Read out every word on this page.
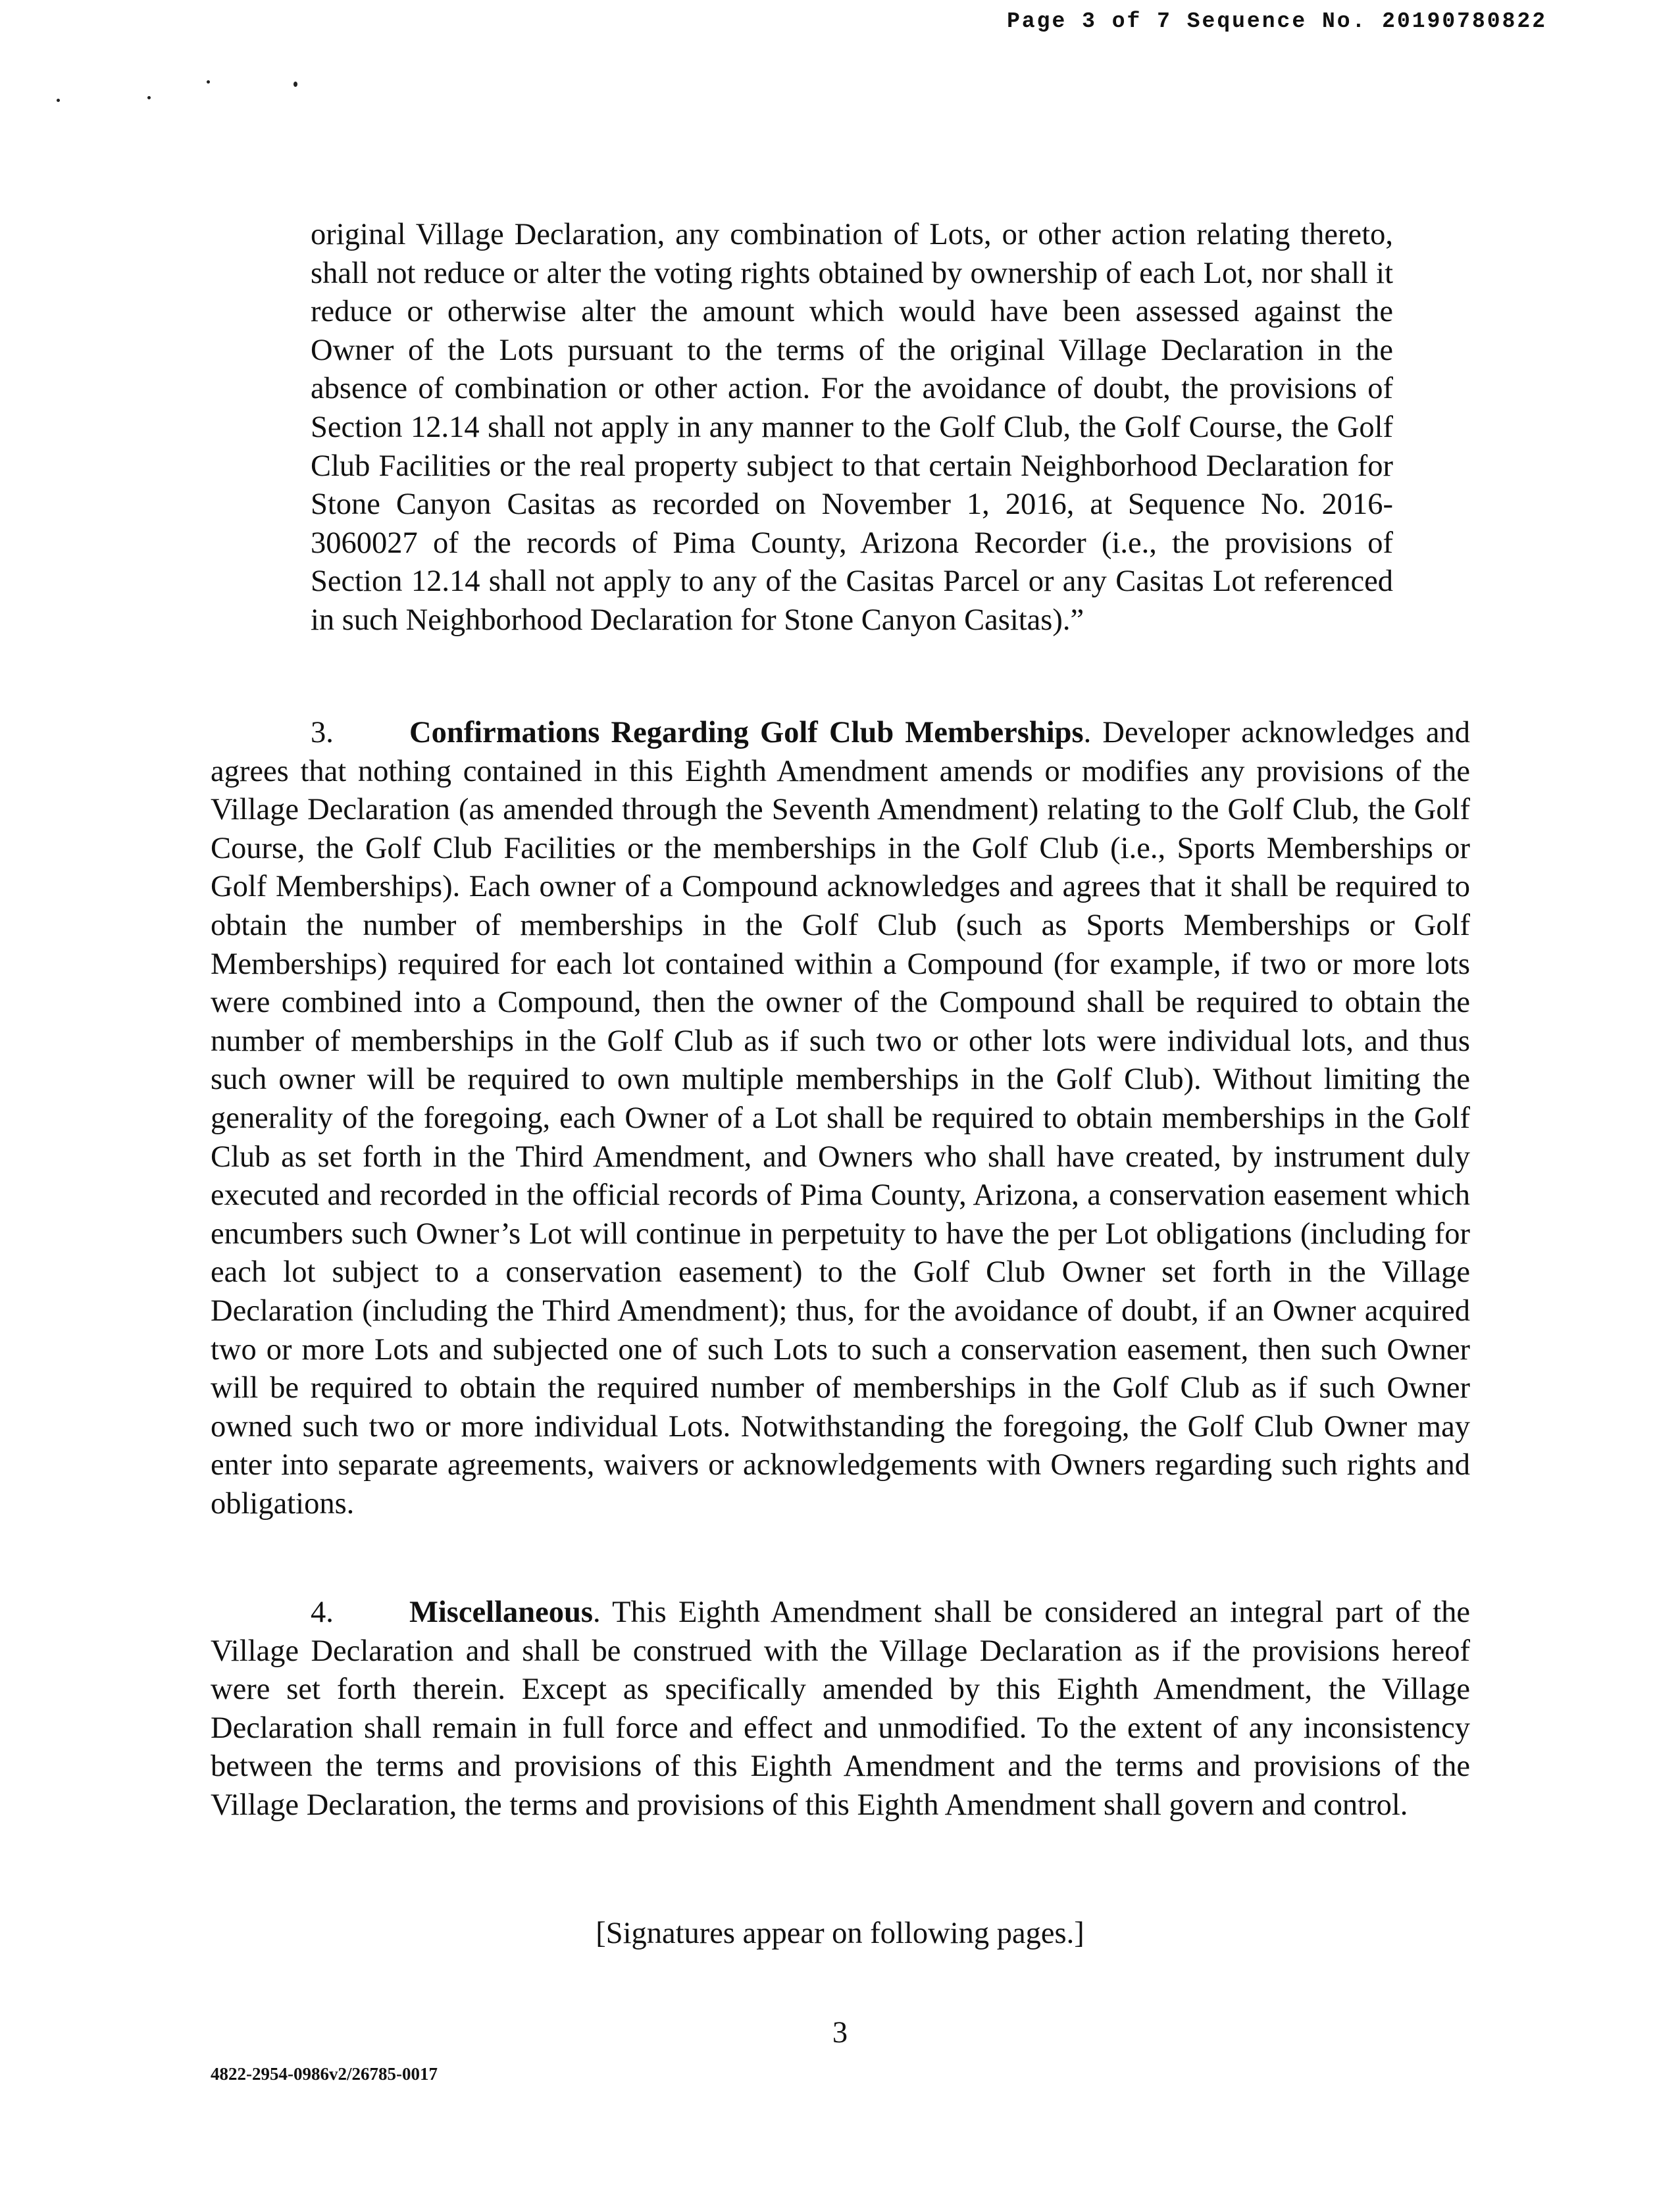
Page 3 of 7 Sequence No. 20190780822
original Village Declaration, any combination of Lots, or other action relating thereto, shall not reduce or alter the voting rights obtained by ownership of each Lot, nor shall it reduce or otherwise alter the amount which would have been assessed against the Owner of the Lots pursuant to the terms of the original Village Declaration in the absence of combination or other action. For the avoidance of doubt, the provisions of Section 12.14 shall not apply in any manner to the Golf Club, the Golf Course, the Golf Club Facilities or the real property subject to that certain Neighborhood Declaration for Stone Canyon Casitas as recorded on November 1, 2016, at Sequence No. 2016-3060027 of the records of Pima County, Arizona Recorder (i.e., the provisions of Section 12.14 shall not apply to any of the Casitas Parcel or any Casitas Lot referenced in such Neighborhood Declaration for Stone Canyon Casitas).”
3. Confirmations Regarding Golf Club Memberships. Developer acknowledges and agrees that nothing contained in this Eighth Amendment amends or modifies any provisions of the Village Declaration (as amended through the Seventh Amendment) relating to the Golf Club, the Golf Course, the Golf Club Facilities or the memberships in the Golf Club (i.e., Sports Memberships or Golf Memberships). Each owner of a Compound acknowledges and agrees that it shall be required to obtain the number of memberships in the Golf Club (such as Sports Memberships or Golf Memberships) required for each lot contained within a Compound (for example, if two or more lots were combined into a Compound, then the owner of the Compound shall be required to obtain the number of memberships in the Golf Club as if such two or other lots were individual lots, and thus such owner will be required to own multiple memberships in the Golf Club). Without limiting the generality of the foregoing, each Owner of a Lot shall be required to obtain memberships in the Golf Club as set forth in the Third Amendment, and Owners who shall have created, by instrument duly executed and recorded in the official records of Pima County, Arizona, a conservation easement which encumbers such Owner’s Lot will continue in perpetuity to have the per Lot obligations (including for each lot subject to a conservation easement) to the Golf Club Owner set forth in the Village Declaration (including the Third Amendment); thus, for the avoidance of doubt, if an Owner acquired two or more Lots and subjected one of such Lots to such a conservation easement, then such Owner will be required to obtain the required number of memberships in the Golf Club as if such Owner owned such two or more individual Lots. Notwithstanding the foregoing, the Golf Club Owner may enter into separate agreements, waivers or acknowledgements with Owners regarding such rights and obligations.
4. Miscellaneous. This Eighth Amendment shall be considered an integral part of the Village Declaration and shall be construed with the Village Declaration as if the provisions hereof were set forth therein. Except as specifically amended by this Eighth Amendment, the Village Declaration shall remain in full force and effect and unmodified. To the extent of any inconsistency between the terms and provisions of this Eighth Amendment and the terms and provisions of the Village Declaration, the terms and provisions of this Eighth Amendment shall govern and control.
[Signatures appear on following pages.]
3
4822-2954-0986v2/26785-0017
